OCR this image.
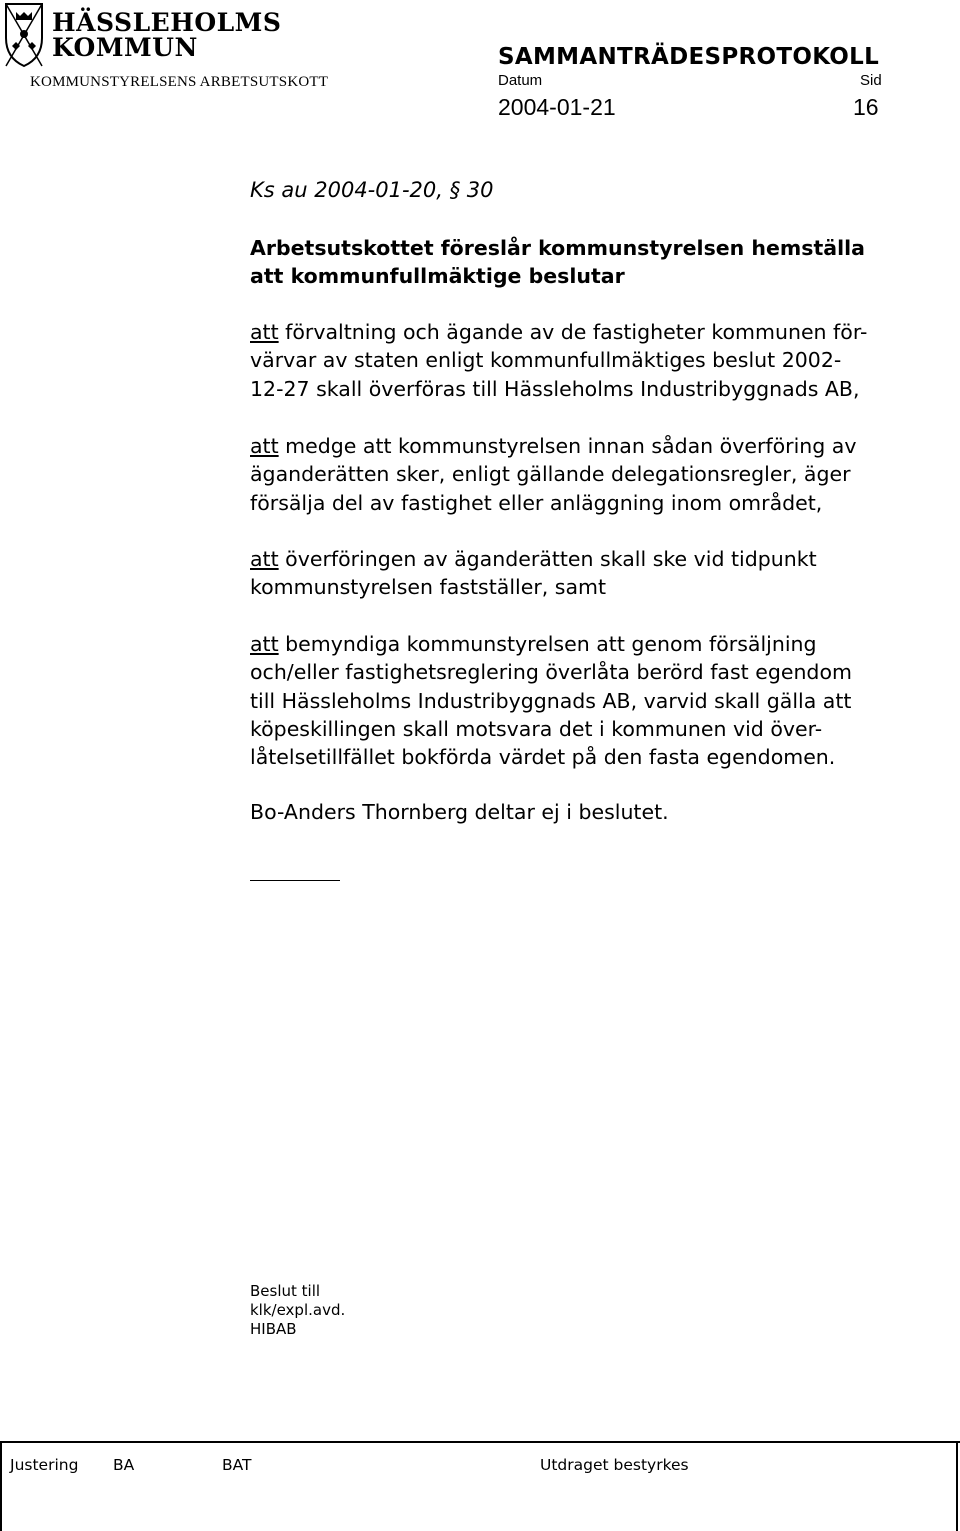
HÄSSLEHOLMS
KOMMUN
KOMMUNSTYRELSENS ARBETSUTSKOTT
SAMMANTRÄDESPROTOKOLL
Datum	Sid
2004-01-21	16
Ks au 2004-01-20, § 30
Arbetsutskottet föreslår kommunstyrelsen hemställa
att kommunfullmäktige beslutar
att förvaltning och ägande av de fastigheter kommunen för-
värvar av staten enligt kommunfullmäktiges beslut 2002-
12-27 skall överföras till Hässleholms Industribyggnads AB,
att medge att kommunstyrelsen innan sådan överföring av
äganderätten sker, enligt gällande delegationsregler, äger
försälja del av fastighet eller anläggning inom området,
att överföringen av äganderätten skall ske vid tidpunkt
kommunstyrelsen fastställer, samt
att bemyndiga kommunstyrelsen att genom försäljning
och/eller fastighetsreglering överlåta berörd fast egendom
till Hässleholms Industribyggnads AB, varvid skall gälla att
köpeskillingen skall motsvara det i kommunen vid över-
låtelsetillfället bokförda värdet på den fasta egendomen.
Bo-Anders Thornberg deltar ej i beslutet.
Beslut till
klk/expl.avd.
HIBAB
Justering BA	BAT	Utdraget bestyrkes
